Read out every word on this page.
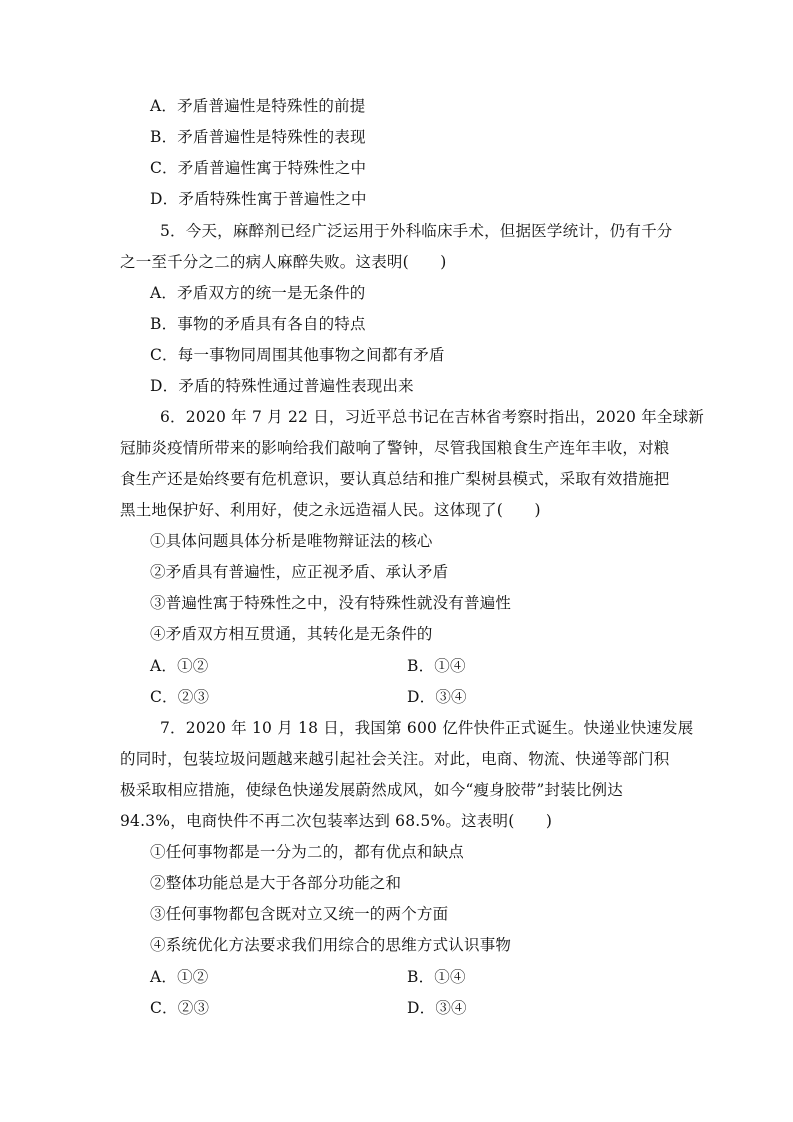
A．矛盾普遍性是特殊性的前提
B．矛盾普遍性是特殊性的表现
C．矛盾普遍性寓于特殊性之中
D．矛盾特殊性寓于普遍性之中
5．今天，麻醉剂已经广泛运用于外科临床手术，但据医学统计，仍有千分
之一至千分之二的病人麻醉失败。这表明(　　)
A．矛盾双方的统一是无条件的
B．事物的矛盾具有各自的特点
C．每一事物同周围其他事物之间都有矛盾
D．矛盾的特殊性通过普遍性表现出来
6．2020 年 7 月 22 日，习近平总书记在吉林省考察时指出，2020 年全球新
冠肺炎疫情所带来的影响给我们敲响了警钟，尽管我国粮食生产连年丰收，对粮
食生产还是始终要有危机意识，要认真总结和推广梨树县模式，采取有效措施把
黑土地保护好、利用好，使之永远造福人民。这体现了(　　)
①具体问题具体分析是唯物辩证法的核心
②矛盾具有普遍性，应正视矛盾、承认矛盾
③普遍性寓于特殊性之中，没有特殊性就没有普遍性
④矛盾双方相互贯通，其转化是无条件的
A．①②	B．①④
C．②③	D．③④
7．2020 年 10 月 18 日，我国第 600 亿件快件正式诞生。快递业快速发展
的同时，包装垃圾问题越来越引起社会关注。对此，电商、物流、快递等部门积
极采取相应措施，使绿色快递发展蔚然成风，如今“瘦身胶带”封装比例达
94.3%，电商快件不再二次包装率达到 68.5%。这表明(　　)
①任何事物都是一分为二的，都有优点和缺点
②整体功能总是大于各部分功能之和
③任何事物都包含既对立又统一的两个方面
④系统优化方法要求我们用综合的思维方式认识事物
A．①②	B．①④
C．②③	D．③④
